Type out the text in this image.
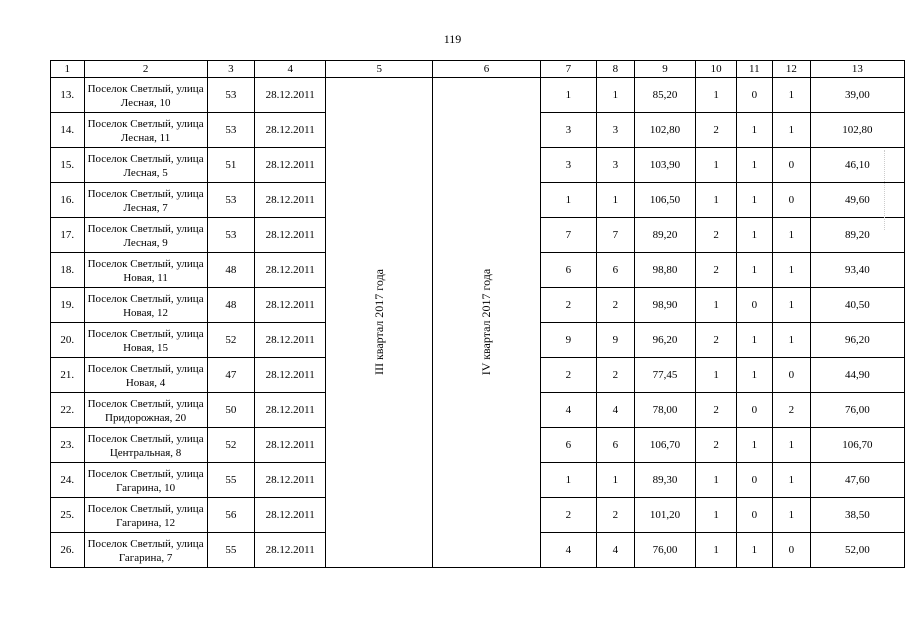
119
1	2	3	4	5	6	7	8	9	10	11	12	13
13.	Поселок Светлый, улица
Лесная, 10	53	28.12.2011	III квартал 2017 года	IV квартал 2017 года	1	1	85,20	1	0	1	39,00
14.	Поселок Светлый, улица
Лесная, 11	53	28.12.2011			3	3	102,80	2	1	1	102,80
15.	Поселок Светлый, улица
Лесная, 5	51	28.12.2011			3	3	103,90	1	1	0	46,10
16.	Поселок Светлый, улица
Лесная, 7	53	28.12.2011			1	1	106,50	1	1	0	49,60
17.	Поселок Светлый, улица
Лесная, 9	53	28.12.2011			7	7	89,20	2	1	1	89,20
18.	Поселок Светлый, улица
Новая, 11	48	28.12.2011			6	6	98,80	2	1	1	93,40
19.	Поселок Светлый, улица
Новая, 12	48	28.12.2011			2	2	98,90	1	0	1	40,50
20.	Поселок Светлый, улица
Новая, 15	52	28.12.2011			9	9	96,20	2	1	1	96,20
21.	Поселок Светлый, улица
Новая, 4	47	28.12.2011			2	2	77,45	1	1	0	44,90
22.	Поселок Светлый, улица
Придорожная, 20	50	28.12.2011			4	4	78,00	2	0	2	76,00
23.	Поселок Светлый, улица
Центральная, 8	52	28.12.2011			6	6	106,70	2	1	1	106,70
24.	Поселок Светлый, улица
Гагарина, 10	55	28.12.2011			1	1	89,30	1	0	1	47,60
25.	Поселок Светлый, улица
Гагарина, 12	56	28.12.2011			2	2	101,20	1	0	1	38,50
26.	Поселок Светлый, улица
Гагарина, 7	55	28.12.2011			4	4	76,00	1	1	0	52,00
